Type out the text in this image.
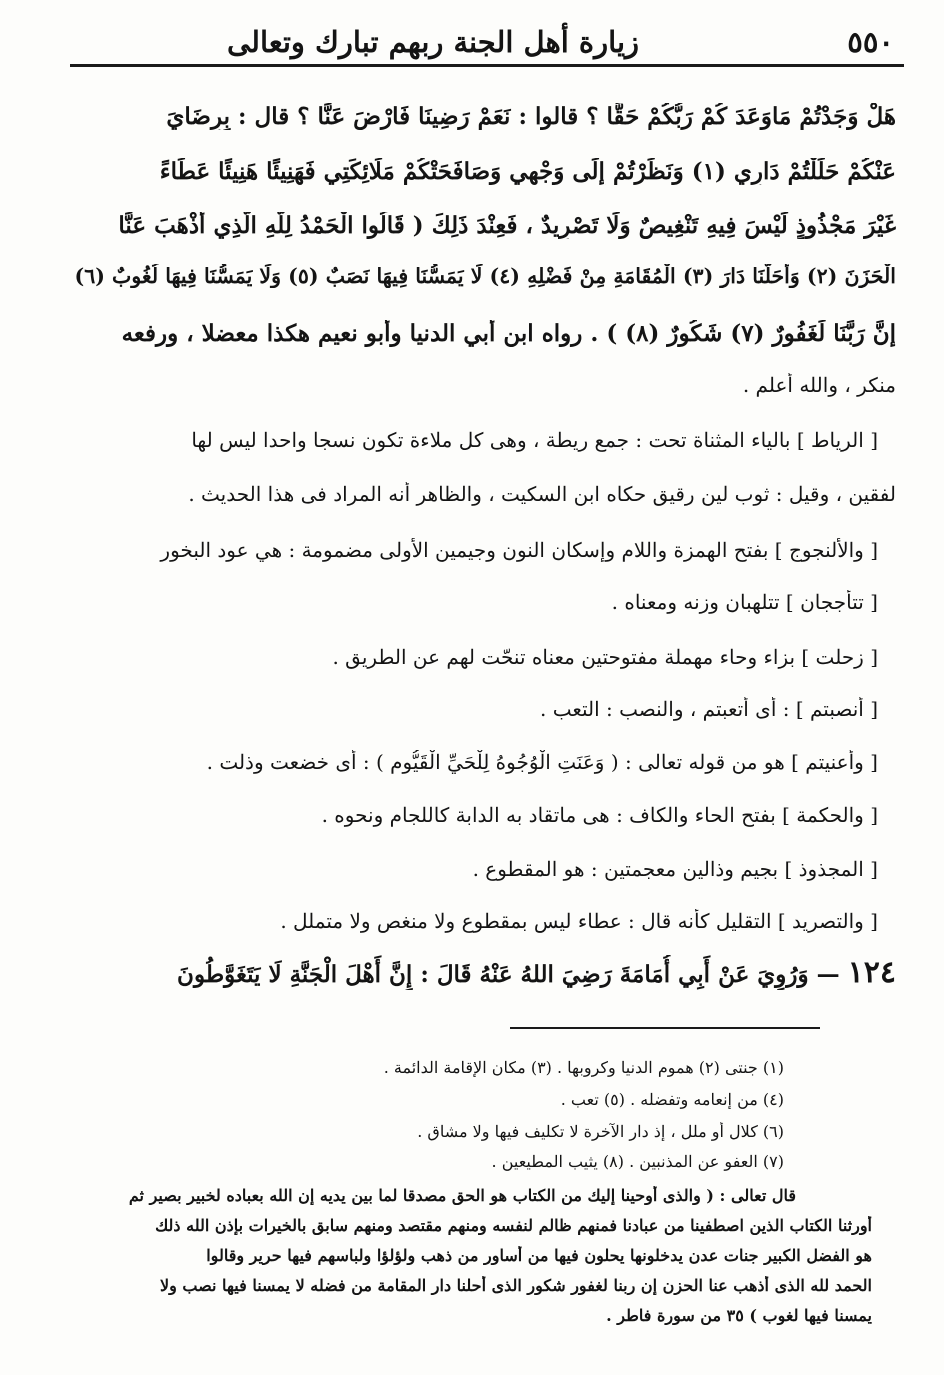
٥٥٠
زيارة أهل الجنة ربهم تبارك وتعالى
هَلْ وَجَدْتُمْ مَاوَعَدَ كُمْ رَبُّكُمْ حَقًّا ؟ قالوا : نَعَمْ رَضِينَا فَارْضَ عَنَّا ؟ قال : بِرِضَايَ
عَنْكُمْ حَلَلْتُمْ دَارِي (١) وَنَظَرْتُمْ إِلَى وَجْهِي وَصَافَحَتْكُمْ مَلَائِكَتِي فَهَنِيئًا هَنِيئًا عَطَاءً
غَيْرَ مَجْذُوذٍ لَيْسَ فِيهِ تَنْغِيصٌ وَلَا تَصْرِيدٌ ، فَعِنْدَ ذَلِكَ ( قَالُوا الْحَمْدُ لِلَّهِ الَّذِي أَذْهَبَ عَنَّا
الْحَزَنَ (٢) وَأَحَلَّنَا دَارَ (٣) الْمُقَامَةِ مِنْ فَضْلِهِ (٤) لَا يَمَسُّنَا فِيهَا نَصَبٌ (٥) وَلَا يَمَسُّنَا فِيهَا لُغُوبٌ (٦)
إِنَّ رَبَّنَا لَغَفُورٌ (٧) شَكُورٌ (٨) ) . رواه ابن أبي الدنيا وأبو نعيم هكذا معضلا ، ورفعه
منكر ، والله أعلم .
[ الرياط ] بالياء المثناة تحت : جمع ريطة ، وهى كل ملاءة تكون نسجا واحدا ليس لها
لفقين ، وقيل : ثوب لين رقيق حكاه ابن السكيت ، والظاهر أنه المراد فى هذا الحديث .
[ والألنجوج ] بفتح الهمزة واللام وإسكان النون وجيمين الأولى مضمومة : هي عود البخور
[ تتأججان ] تتلهبان وزنه ومعناه .
[ زحلت ] بزاء وحاء مهملة مفتوحتين معناه تنحّت لهم عن الطريق .
[ أنصبتم ] : أى أتعبتم ، والنصب : التعب .
[ وأعنيتم ] هو من قوله تعالى : ( وَعَنَتِ الْوُجُوهُ لِلْحَيِّ الْقَيُّومِ ) : أى خضعت وذلت .
[ والحكمة ] بفتح الحاء والكاف : هى ماتقاد به الدابة كاللجام ونحوه .
[ المجذوذ ] بجيم وذالين معجمتين : هو المقطوع .
[ والتصريد ] التقليل كأنه قال : عطاء ليس بمقطوع ولا منغص ولا متملل .
١٢٤ — وَرُوِيَ عَنْ أَبِي أُمَامَةَ رَضِيَ اللهُ عَنْهُ قَالَ : إِنَّ أَهْلَ الْجَنَّةِ لَا يَتَغَوَّطُونَ
(١) جنتى (٢) هموم الدنيا وكروبها . (٣) مكان الإقامة الدائمة .
(٤) من إنعامه وتفضله . (٥) تعب .
(٦) كلال أو ملل ، إذ دار الآخرة لا تكليف فيها ولا مشاق .
(٧) العفو عن المذنبين . (٨) يثيب المطيعين .
قال تعالى : ( والذى أوحينا إليك من الكتاب هو الحق مصدقا لما بين يديه إن الله بعباده لخبير بصير ثم
أورثنا الكتاب الذين اصطفينا من عبادنا فمنهم ظالم لنفسه ومنهم مقتصد ومنهم سابق بالخيرات بإذن الله ذلك
هو الفضل الكبير جنات عدن يدخلونها يحلون فيها من أساور من ذهب ولؤلؤا ولباسهم فيها حرير وقالوا
الحمد لله الذى أذهب عنا الحزن إن ربنا لغفور شكور الذى أحلنا دار المقامة من فضله لا يمسنا فيها نصب ولا
يمسنا فيها لغوب ) ٣٥ من سورة فاطر .
